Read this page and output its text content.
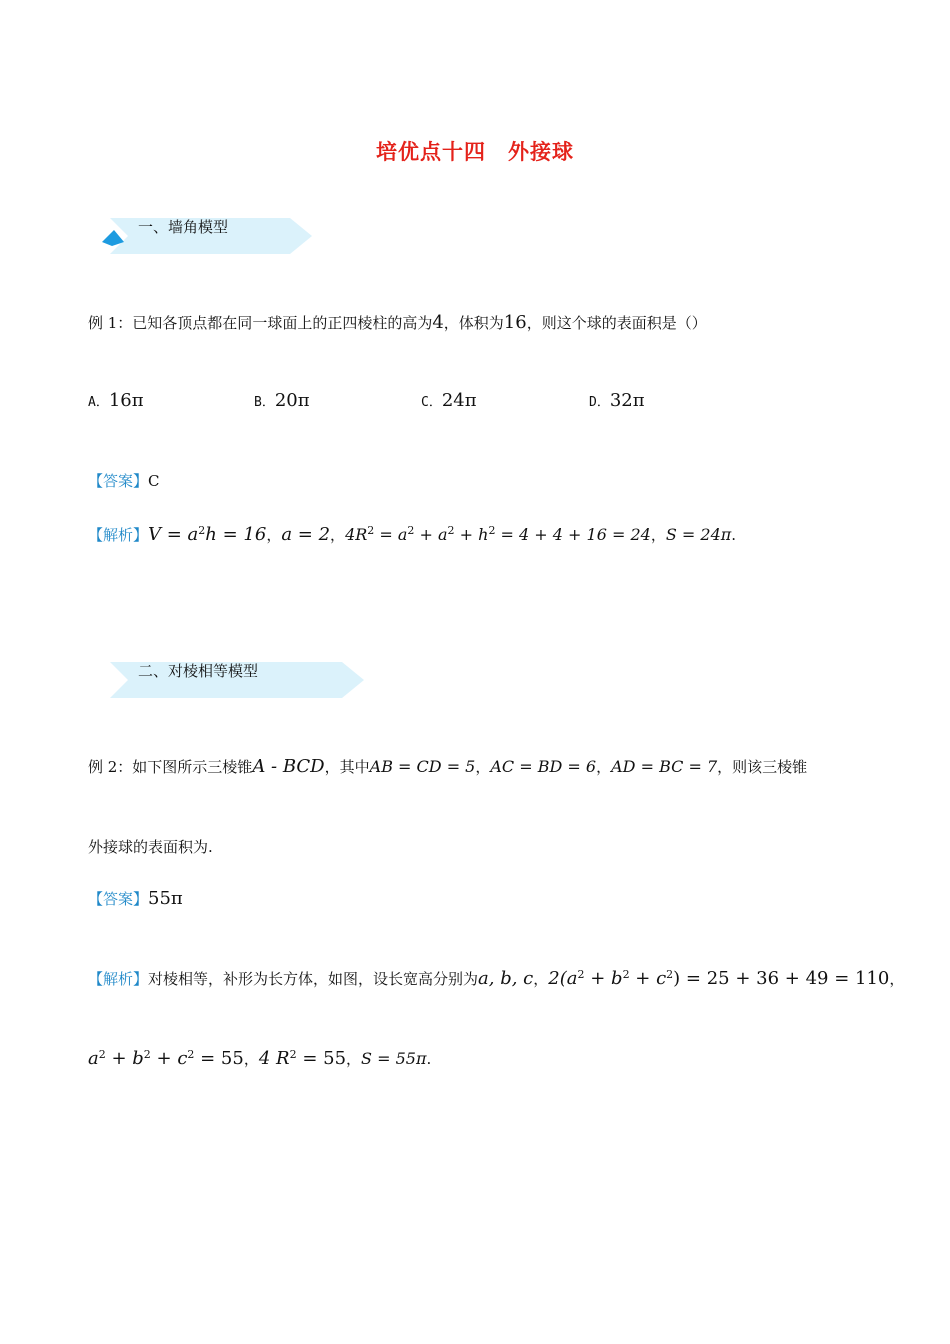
培优点十四 外接球
一、墙角模型
例 1：已知各顶点都在同一球面上的正四棱柱的高为4，体积为16，则这个球的表面积是（）
A．16π	B．20π	C．24π	D．32π
【答案】C
【解析】$V = a^2h = 16$，a = 2，$4R^2 = a^2 + a^2 + h^2 = 4 + 4 + 16 = 24$，S = 24π.
二、对棱相等模型
例 2：如下图所示三棱锥A - BCD，其中AB = CD = 5，AC = BD = 6，AD = BC = 7，则该三棱锥
外接球的表面积为.
【答案】55π
【解析】对棱相等，补形为长方体，如图，设长宽高分别为a, b, c，$2(a^2 + b^2 + c^2) = 25 + 36 + 49 = 110$，
$a^2 + b^2 + c^2 = 55$，4 $R^2 = 55$，S = 55π.
